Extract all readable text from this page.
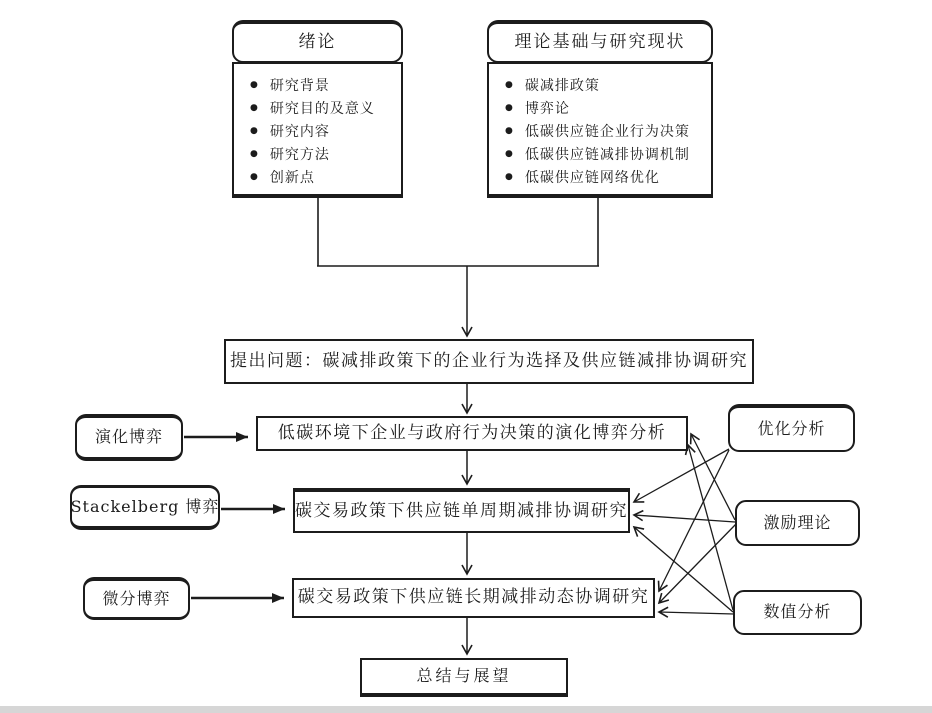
绪论
● 研究背景
● 研究目的及意义
● 研究内容
● 研究方法
● 创新点
理论基础与研究现状
● 碳减排政策
● 博弈论
● 低碳供应链企业行为决策
● 低碳供应链减排协调机制
● 低碳供应链网络优化
提出问题：碳减排政策下的企业行为选择及供应链减排协调研究
演化博弈
Stackelberg 博弈
微分博弈
低碳环境下企业与政府行为决策的演化博弈分析
碳交易政策下供应链单周期减排协调研究
碳交易政策下供应链长期减排动态协调研究
优化分析
激励理论
数值分析
总结与展望
